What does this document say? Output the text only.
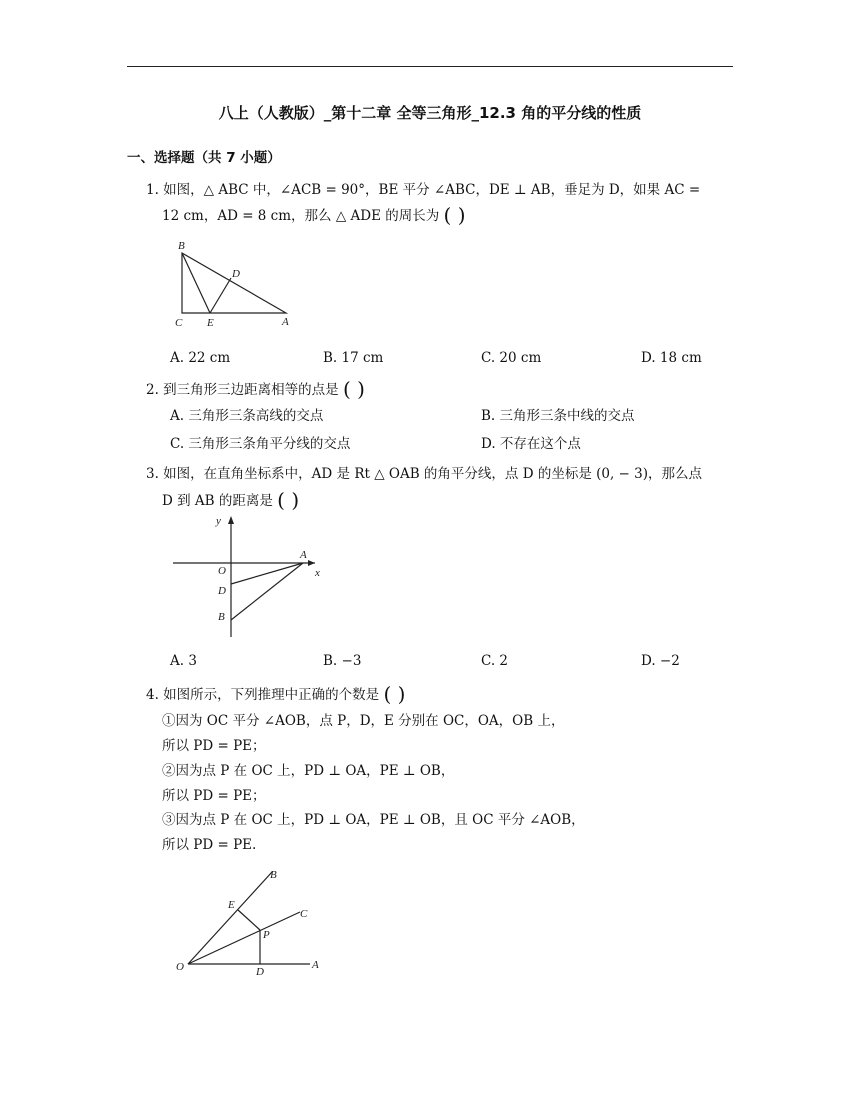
八上（人教版）_第十二章 全等三角形_12.3 角的平分线的性质
一、选择题（共 7 小题）
1. 如图，△ ABC 中，∠ACB = 90°，BE 平分 ∠ABC，DE ⊥ AB，垂足为 D，如果 AC =
12 cm，AD = 8 cm，那么 △ ADE 的周长为 ( )
B
C E
D
A
A. 22 cm	B. 17 cm	C. 20 cm	D. 18 cm
2. 到三角形三边距离相等的点是 ( )
A. 三角形三条高线的交点	B. 三角形三条中线的交点
C. 三角形三条角平分线的交点	D. 不存在这个点
3. 如图，在直角坐标系中，AD 是 Rt △ OAB 的角平分线，点 D 的坐标是 (0, − 3)，那么点
D 到 AB 的距离是 ( )
y
x
O
D
B
A
A. 3	B. −3	C. 2	D. −2
4. 如图所示，下列推理中正确的个数是 ( )
①因为 OC 平分 ∠AOB，点 P，D，E 分别在 OC，OA，OB 上，
所以 PD = PE；
②因为点 P 在 OC 上，PD ⊥ OA，PE ⊥ OB，
所以 PD = PE；
③因为点 P 在 OC 上，PD ⊥ OA，PE ⊥ OB，且 OC 平分 ∠AOB，
所以 PD = PE.
B
E
C
P
O	D
A
